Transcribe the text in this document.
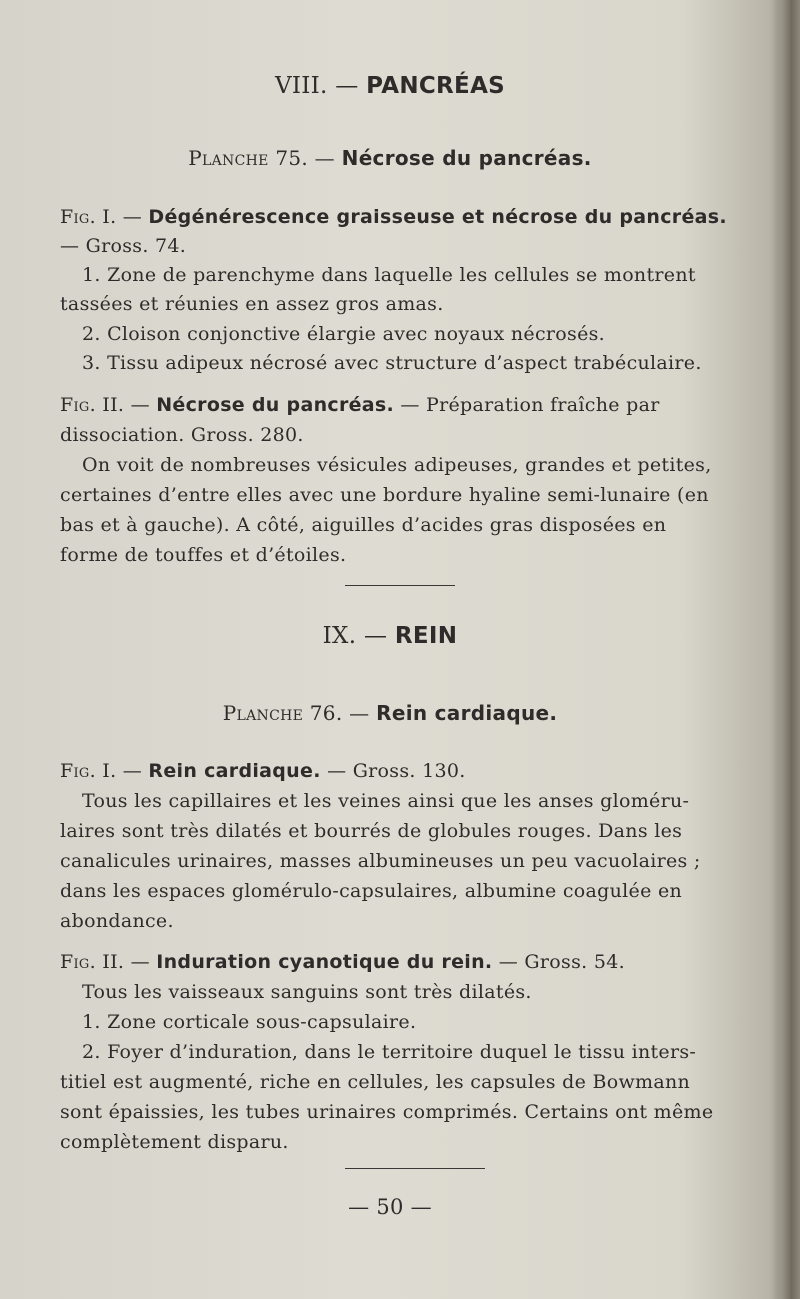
VIII. — PANCRÉAS
Planche 75. — Nécrose du pancréas.
Fig. I. — Dégénérescence graisseuse et nécrose du pancréas.
— Gross. 74.
1. Zone de parenchyme dans laquelle les cellules se montrent
tassées et réunies en assez gros amas.
2. Cloison conjonctive élargie avec noyaux nécrosés.
3. Tissu adipeux nécrosé avec structure d’aspect trabéculaire.
Fig. II. — Nécrose du pancréas. — Préparation fraîche par
dissociation. Gross. 280.
On voit de nombreuses vésicules adipeuses, grandes et petites,
certaines d’entre elles avec une bordure hyaline semi-lunaire (en
bas et à gauche). A côté, aiguilles d’acides gras disposées en
forme de touffes et d’étoiles.
IX. — REIN
Planche 76. — Rein cardiaque.
Fig. I. — Rein cardiaque. — Gross. 130.
Tous les capillaires et les veines ainsi que les anses gloméru-
laires sont très dilatés et bourrés de globules rouges. Dans les
canalicules urinaires, masses albumineuses un peu vacuolaires ;
dans les espaces glomérulo-capsulaires, albumine coagulée en
abondance.
Fig. II. — Induration cyanotique du rein. — Gross. 54.
Tous les vaisseaux sanguins sont très dilatés.
1. Zone corticale sous-capsulaire.
2. Foyer d’induration, dans le territoire duquel le tissu inters-
titiel est augmenté, riche en cellules, les capsules de Bowmann
sont épaissies, les tubes urinaires comprimés. Certains ont même
complètement disparu.
— 50 —
